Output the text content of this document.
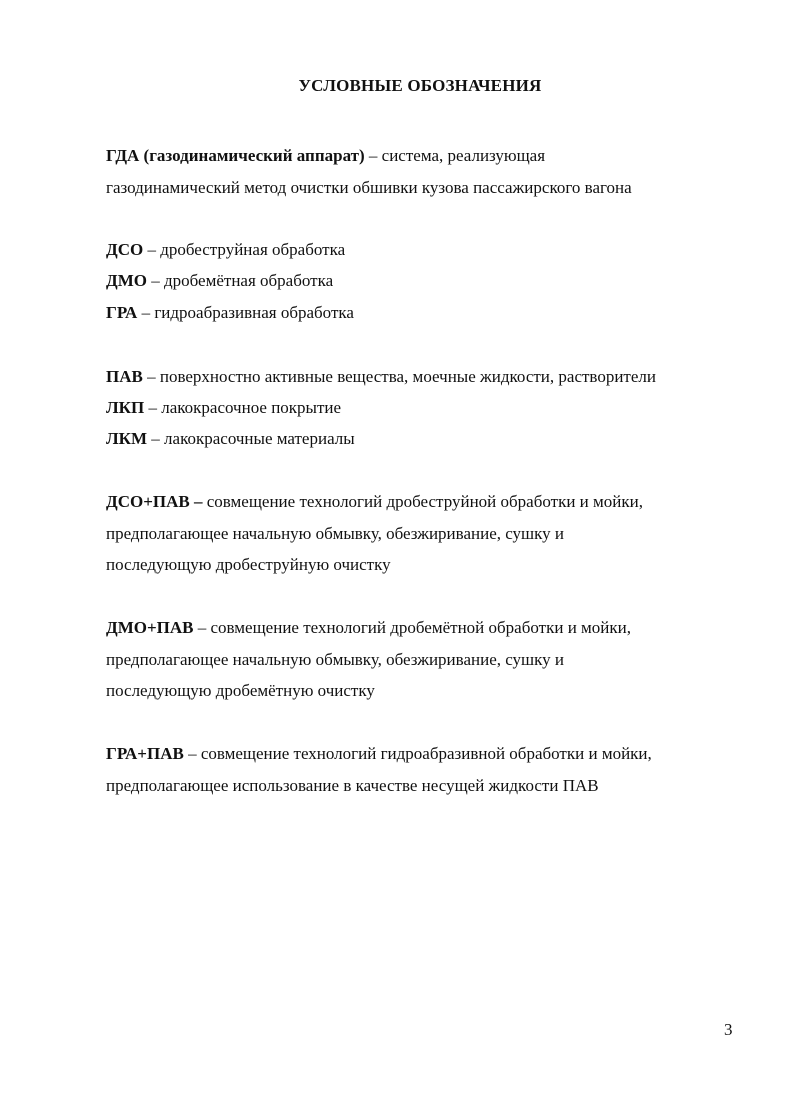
УСЛОВНЫЕ ОБОЗНАЧЕНИЯ
ГДА (газодинамический аппарат) – система, реализующая
газодинамический метод очистки обшивки кузова пассажирского вагона
ДСО – дробеструйная обработка
ДМО – дробемётная обработка
ГРА – гидроабразивная обработка
ПАВ – поверхностно активные вещества, моечные жидкости, растворители
ЛКП – лакокрасочное покрытие
ЛКМ – лакокрасочные материалы
ДСО+ПАВ – совмещение технологий дробеструйной обработки и мойки,
предполагающее начальную обмывку, обезжиривание, сушку и
последующую дробеструйную очистку
ДМО+ПАВ – совмещение технологий дробемётной обработки и мойки,
предполагающее начальную обмывку, обезжиривание, сушку и
последующую дробемётную очистку
ГРА+ПАВ – совмещение технологий гидроабразивной обработки и мойки,
предполагающее использование в качестве несущей жидкости ПАВ
3
